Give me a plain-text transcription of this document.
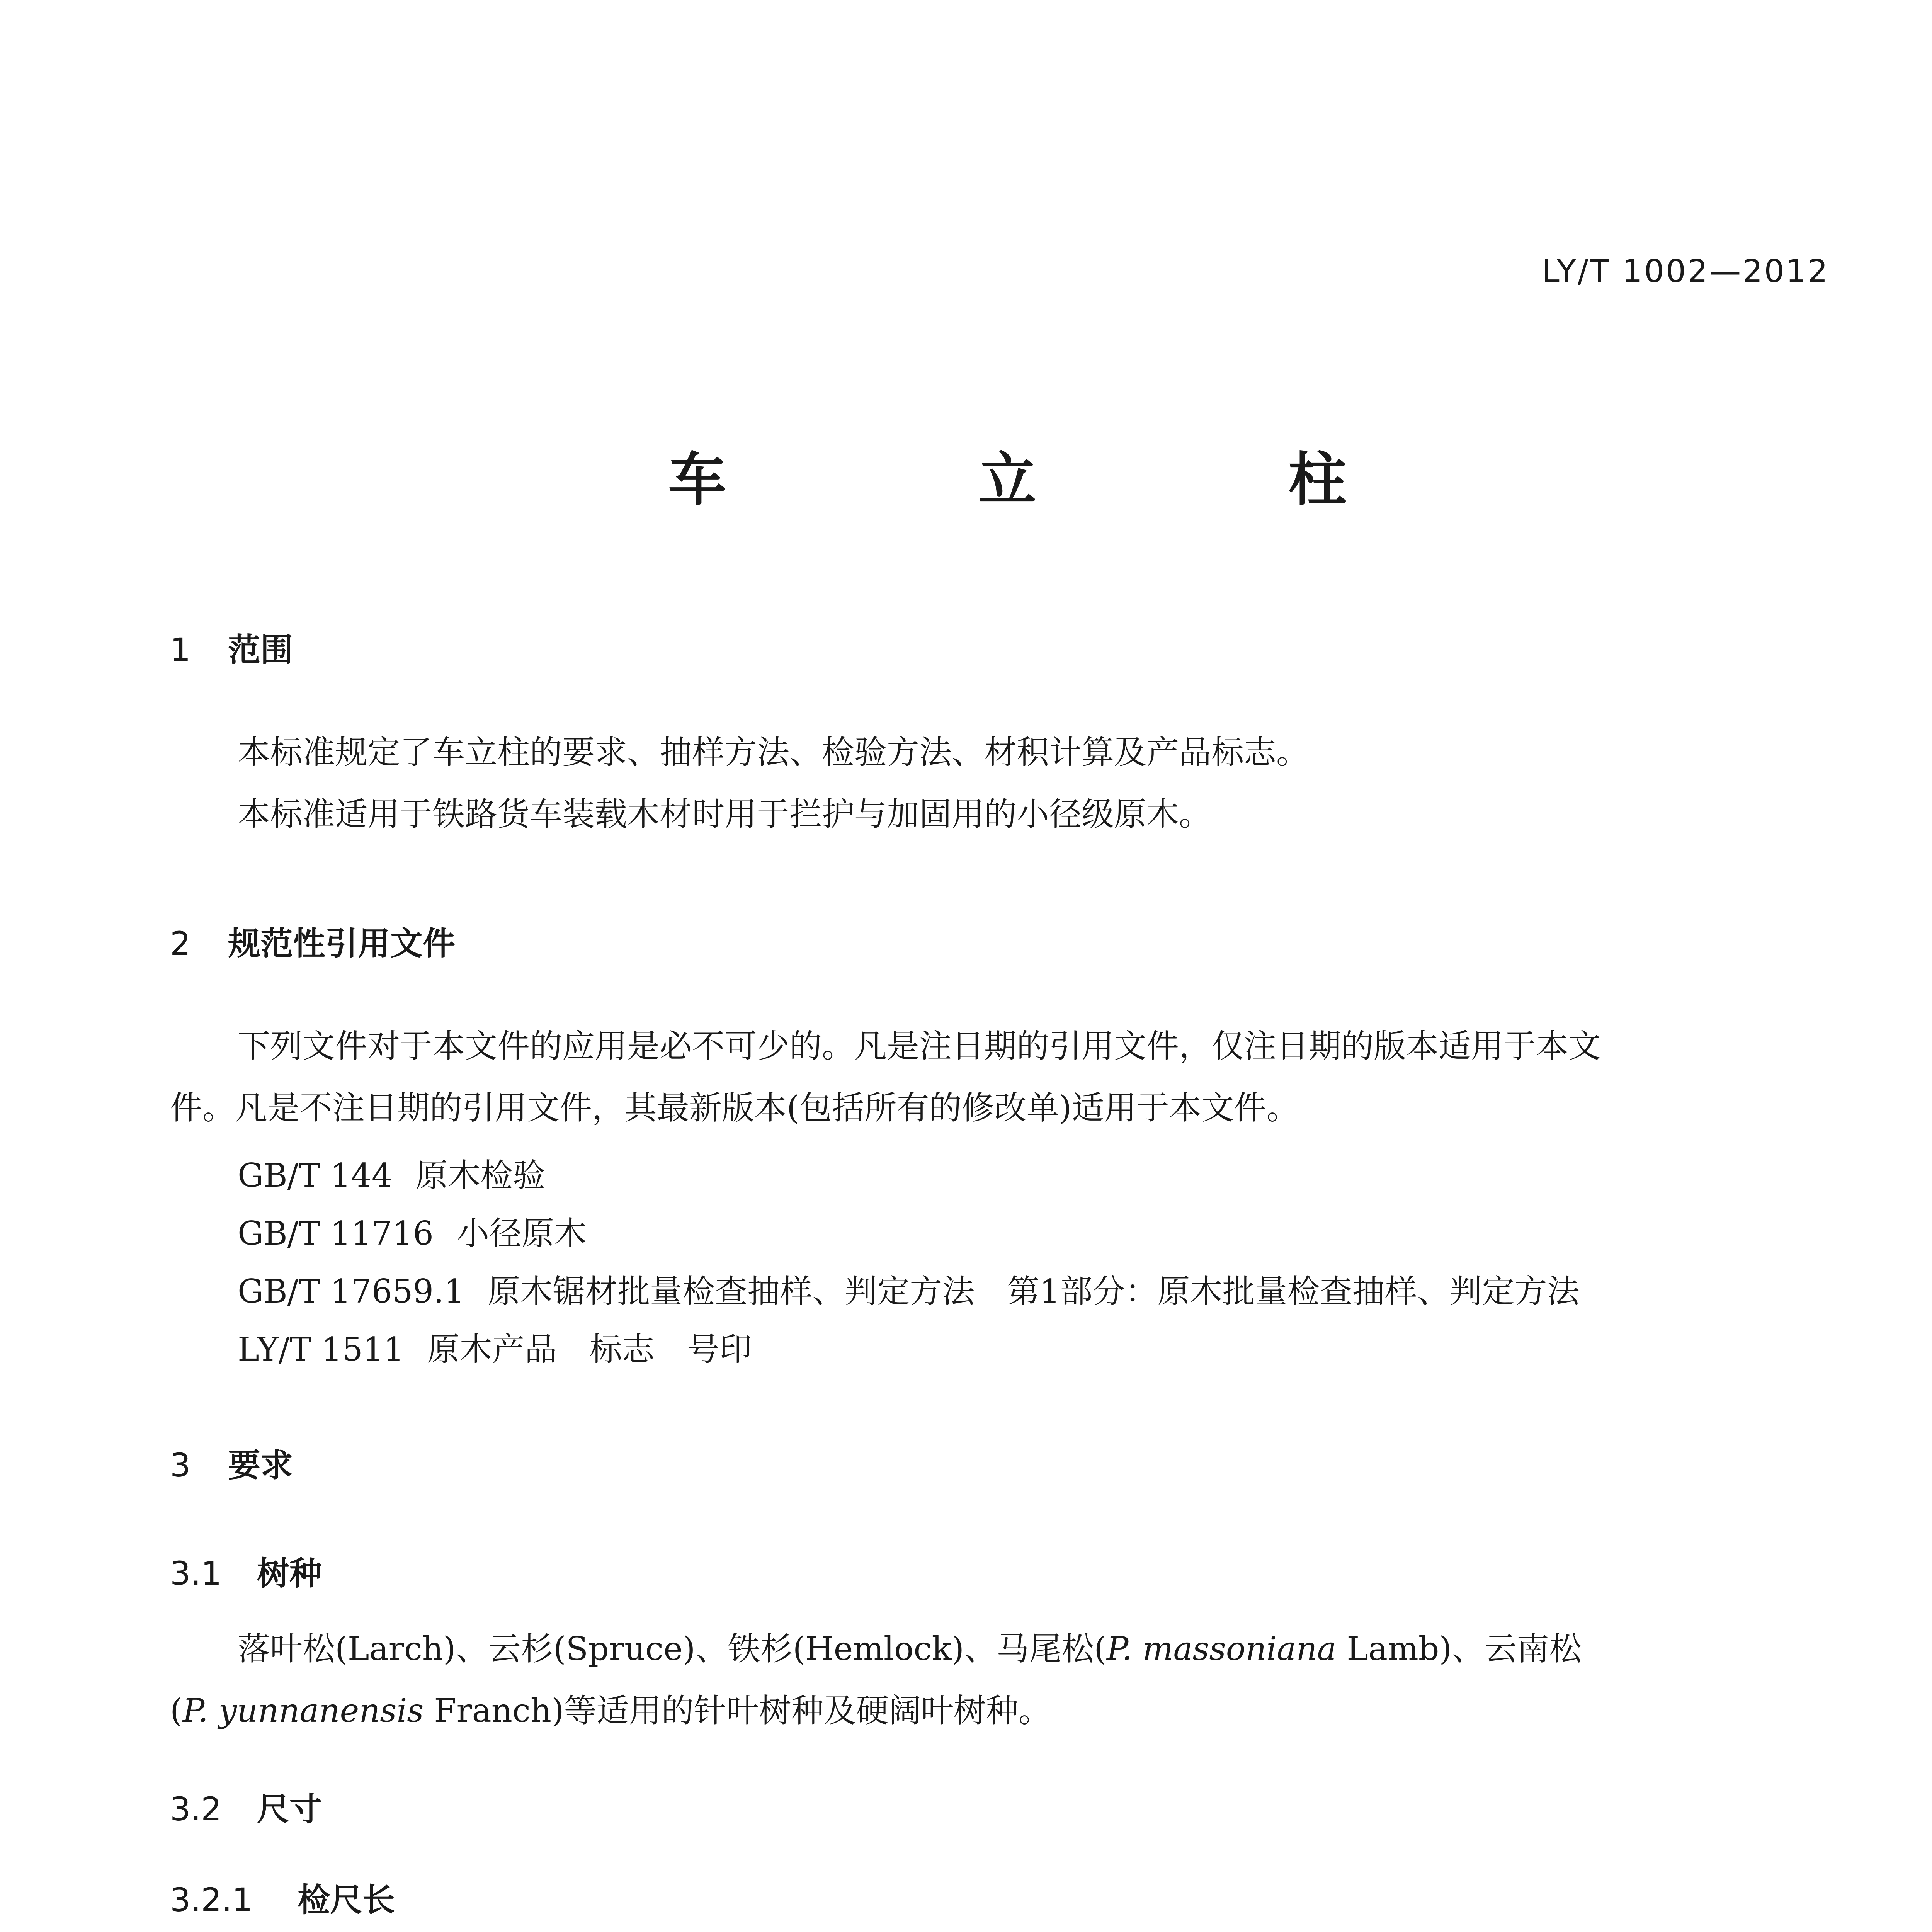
LY/T 1002—2012
车 立 柱
1 范围
本标准规定了车立柱的要求、抽样方法、检验方法、材积计算及产品标志。
本标准适用于铁路货车装载木材时用于拦护与加固用的小径级原木。
2 规范性引用文件
下列文件对于本文件的应用是必不可少的。凡是注日期的引用文件，仅注日期的版本适用于本文
件。凡是不注日期的引用文件，其最新版本(包括所有的修改单)适用于本文件。
GB/T 144 原木检验
GB/T 11716 小径原木
GB/T 17659.1 原木锯材批量检查抽样、判定方法　第1部分：原木批量检查抽样、判定方法
LY/T 1511 原木产品　标志　号印
3 要求
3.1 树种
落叶松(Larch)、云杉(Spruce)、铁杉(Hemlock)、马尾松(P. massoniana Lamb)、云南松
(P. yunnanensis Franch)等适用的针叶树种及硬阔叶树种。
3.2 尺寸
3.2.1 检尺长
